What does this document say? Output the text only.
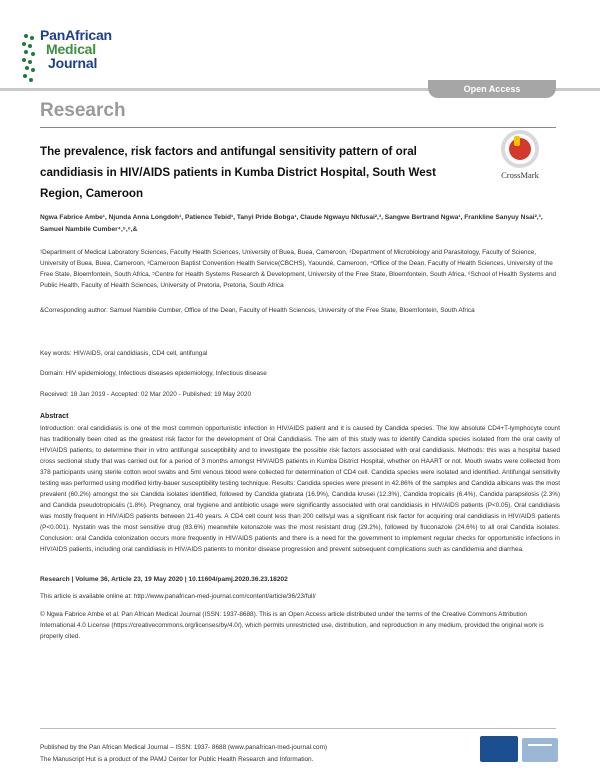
PanAfrican
Medical
Journal
Open Access
Research
The prevalence, risk factors and antifungal sensitivity pattern of oral candidiasis in HIV/AIDS patients in Kumba District Hospital, South West Region, Cameroon
CrossMark
Ngwa Fabrice Ambe¹, Njunda Anna Longdoh¹, Patience Tebid¹, Tanyi Pride Bobga¹, Claude Ngwayu Nkfusai²,³, Sangwe Bertrand Ngwa¹, Frankline Sanyuy Nsai²,³, Samuel Nambile Cumber⁴,⁵,⁶,&
¹Department of Medical Laboratory Sciences, Faculty Health Sciences, University of Buea, Buea, Cameroon, ²Department of Microbiology and Parasitology, Faculty of Science, University of Buea, Buea, Cameroon, ³Cameroon Baptist Convention Health Service(CBCHS), Yaoundé, Cameroon, ⁴Office of the Dean, Faculty of Health Sciences, University of the Free State, Bloemfontein, South Africa, ⁵Centre for Health Systems Research & Development, University of the Free State, Bloemfontein, South Africa, ⁶School of Health Systems and Public Health, Faculty of Health Sciences, University of Pretoria, Pretoria, South Africa
&Corresponding author: Samuel Nambile Cumber, Office of the Dean, Faculty of Health Sciences, University of the Free State, Bloemfontein, South Africa
Key words: HIV/AIDS, oral candidiasis, CD4 cell, antifungal
Domain: HIV epidemiology, Infectious diseases epidemiology, Infectious disease
Received: 18 Jan 2019 - Accepted: 02 Mar 2020 - Published: 19 May 2020
Abstract
Introduction: oral candidiasis is one of the most common opportunistic infection in HIV/AIDS patient and it is caused by Candida species. The low absolute CD4+T-lymphocyte count has traditionally been cited as the greatest risk factor for the development of Oral Candidiasis. The aim of this study was to identify Candida species isolated from the oral cavity of HIV/AIDS patients, to determine their in vitro antifungal susceptibility and to investigate the possible risk factors associated with oral candidiasis. Methods: this was a hospital based cross sectional study that was carried out for a period of 3 months amongst HIV/AIDS patients in Kumba District Hospital, whether on HAART or not. Mouth swabs were collected from 378 participants using sterile cotton wool swabs and 5ml venous blood were collected for determination of CD4 cell. Candida species were isolated and identified. Antifungal sensitivity testing was performed using modified kirby-bauer susceptibility testing technique. Results: Candida species were present in 42.86% of the samples and Candida albicans was the most prevalent (60.2%) amongst the six Candida isolates identified, followed by Candida glabrata (16.9%), Candida krusei (12.3%), Candida tropicalis (6.4%), Candida parapsilosis (2.3%) and Candida pseudotropicalis (1.8%). Pregnancy, oral hygiene and antibiotic usage were significantly associated with oral candidiasis in HIV/AIDS patients (P<0.05). Oral candidiasis was mostly frequent in HIV/AIDS patients between 21-40 years. A CD4 cell count less than 200 cells/µl was a significant risk factor for acquiring oral candidiasis in HIV/AIDS patients (P<0.001). Nystatin was the most sensitive drug (83.6%) meanwhile ketonazole was the most resistant drug (29.2%), followed by fluconazole (24.6%) to all oral Candida isolates. Conclusion: oral Candida colonization occurs more frequently in HIV/AIDS patients and there is a need for the government to implement regular checks for opportunistic infections in HIV/AIDS patients, including oral candidiasis in HIV/AIDS patients to monitor disease progression and prevent subsequent complications such as candidemia and diarrhea.
Research | Volume 36, Article 23, 19 May 2020 | 10.11604/pamj.2020.36.23.18202
This article is available online at: http://www.panafrican-med-journal.com/content/article/36/23/full/
© Ngwa Fabrice Ambe et al. Pan African Medical Journal (ISSN: 1937-8688). This is an Open Access article distributed under the terms of the Creative Commons Attribution International 4.0 License (https://creativecommons.org/licenses/by/4.0/), which permits unrestricted use, distribution, and reproduction in any medium, provided the original work is properly cited.
Published by the Pan African Medical Journal – ISSN: 1937- 8688 (www.panafrican-med-journal.com)
The Manuscript Hut is a product of the PAMJ Center for Public Health Research and Information.
